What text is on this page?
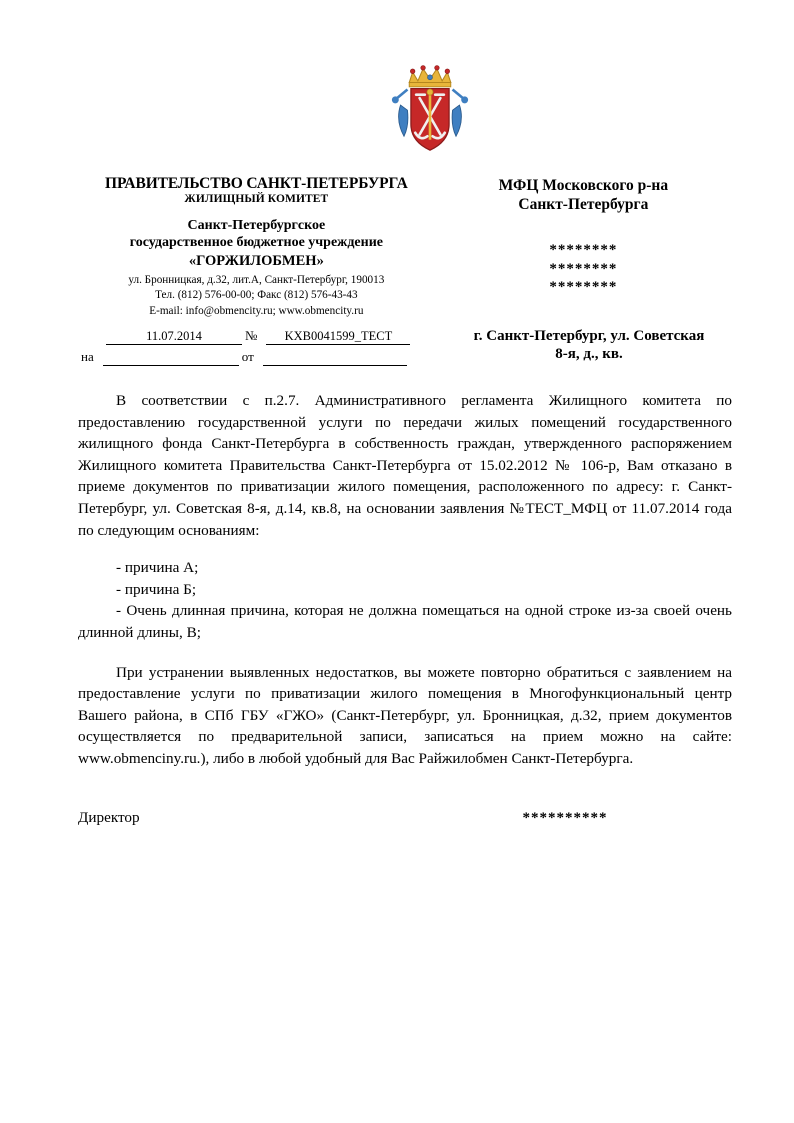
ПРАВИТЕЛЬСТВО САНКТ-ПЕТЕРБУРГА
ЖИЛИЩНЫЙ КОМИТЕТ
Санкт-Петербургское
государственное бюджетное учреждение
«ГОРЖИЛОБМЕН»
ул. Бронницкая, д.32, лит.А, Санкт-Петербург, 190013
Тел. (812) 576-00-00; Факс (812) 576-43-43
E-mail: info@obmencity.ru; www.obmencity.ru
МФЦ Московского р-на
Санкт-Петербурга
********
********
********
11.07.2014	№	KXB0041599_ТЕСТ
на
	от

г. Санкт-Петербург, ул. Советская
8-я, д., кв.

В соответствии с п.2.7. Административного регламента Жилищного комитета по предоставлению государственной услуги по передачи жилых помещений государственного жилищного фонда Санкт-Петербурга в собственность граждан, утвержденного распоряжением Жилищного комитета Правительства Санкт-Петербурга от 15.02.2012 № 106-р, Вам отказано в приеме документов по приватизации жилого помещения, расположенного по адресу: г. Санкт-Петербург, ул. Советская 8-я, д.14, кв.8, на основании заявления №ТЕСТ_МФЦ от 11.07.2014 года по следующим основаниям:

- причина А;

- причина Б;

- Очень длинная причина, которая не должна помещаться на одной строке из-за своей очень длинной длины, В;

При устранении выявленных недостатков, вы можете повторно обратиться с заявлением на предоставление услуги по приватизации жилого помещения в Многофункциональный центр Вашего района, в СПб ГБУ «ГЖО» (Санкт-Петербург, ул. Бронницкая, д.32, прием документов осуществляется по предварительной записи, записаться на прием можно на сайте: www.obmenciny.ru.), либо в любой удобный для Вас Райжилобмен Санкт-Петербурга.

Директор	**********
